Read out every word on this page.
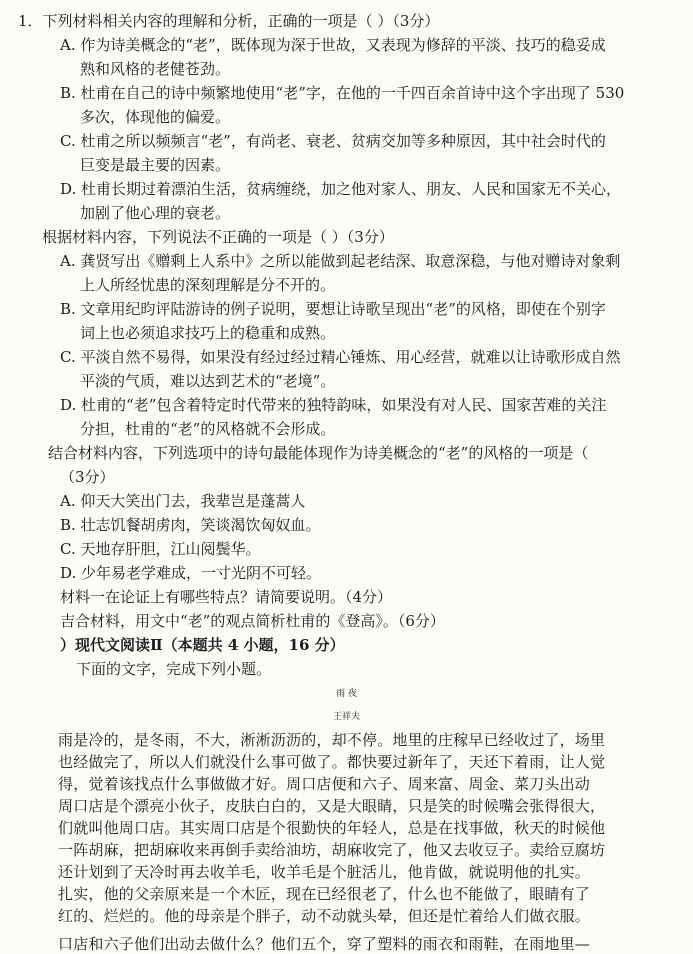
1．下列材料相关内容的理解和分析，正确的一项是（ ）（3分）
A. 作为诗美概念的“老”，既体现为深于世故，又表现为修辞的平淡、技巧的稳妥成
熟和风格的老健苍劲。
B. 杜甫在自己的诗中频繁地使用“老”字，在他的一千四百余首诗中这个字出现了 530
多次，体现他的偏爱。
C. 杜甫之所以频频言“老”，有尚老、衰老、贫病交加等多种原因，其中社会时代的
巨变是最主要的因素。
D. 杜甫长期过着漂泊生活，贫病缠绕，加之他对家人、朋友、人民和国家无不关心，
加剧了他心理的衰老。
根据材料内容，下列说法不正确的一项是（ ）（3分）
A. 龚贤写出《赠剩上人系中》之所以能做到起老结深、取意深稳，与他对赠诗对象剩
上人所经忧患的深刻理解是分不开的。
B. 文章用纪昀评陆游诗的例子说明，要想让诗歌呈现出“老”的风格，即使在个别字
词上也必须追求技巧上的稳重和成熟。
C. 平淡自然不易得，如果没有经过经过精心锤炼、用心经营，就难以让诗歌形成自然
平淡的气质，难以达到艺术的“老境”。
D. 杜甫的“老”包含着特定时代带来的独特韵味，如果没有对人民、国家苦难的关注
分担，杜甫的“老”的风格就不会形成。
结合材料内容，下列选项中的诗句最能体现作为诗美概念的“老”的风格的一项是（
（3分）
A. 仰天大笑出门去，我辈岂是蓬蒿人
B. 壮志饥餐胡虏肉，笑谈渴饮匈奴血。
C. 天地存肝胆，江山阅鬓华。
D. 少年易老学难成，一寸光阴不可轻。
材料一在论证上有哪些特点？请简要说明。（4分）
吉合材料，用文中“老”的观点简析杜甫的《登高》。（6分）
）现代文阅读Ⅱ（本题共 4 小题，16 分）
下面的文字，完成下列小题。
雨 夜
王祥夫
雨是冷的，是冬雨，不大，淅淅沥沥的，却不停。地里的庄稼早已经收过了，场里
也经做完了，所以人们就没什么事可做了。都快要过新年了，天还下着雨，让人觉
得，觉着该找点什么事做做才好。周口店便和六子、周来富、周金、菜刀头出动
周口店是个漂亮小伙子，皮肤白白的，又是大眼睛，只是笑的时候嘴会张得很大，
们就叫他周口店。其实周口店是个很勤快的年轻人，总是在找事做，秋天的时候他
一阵胡麻，把胡麻收来再倒手卖给油坊，胡麻收完了，他又去收豆子。卖给豆腐坊
还计划到了天冷时再去收羊毛，收羊毛是个脏活儿，他肯做，就说明他的扎实。
扎实，他的父亲原来是一个木匠，现在已经很老了，什么也不能做了，眼睛有了
红的、烂烂的。他的母亲是个胖子，动不动就头晕，但还是忙着给人们做衣服。
口店和六子他们出动去做什么？他们五个，穿了塑料的雨衣和雨鞋，在雨地里—
